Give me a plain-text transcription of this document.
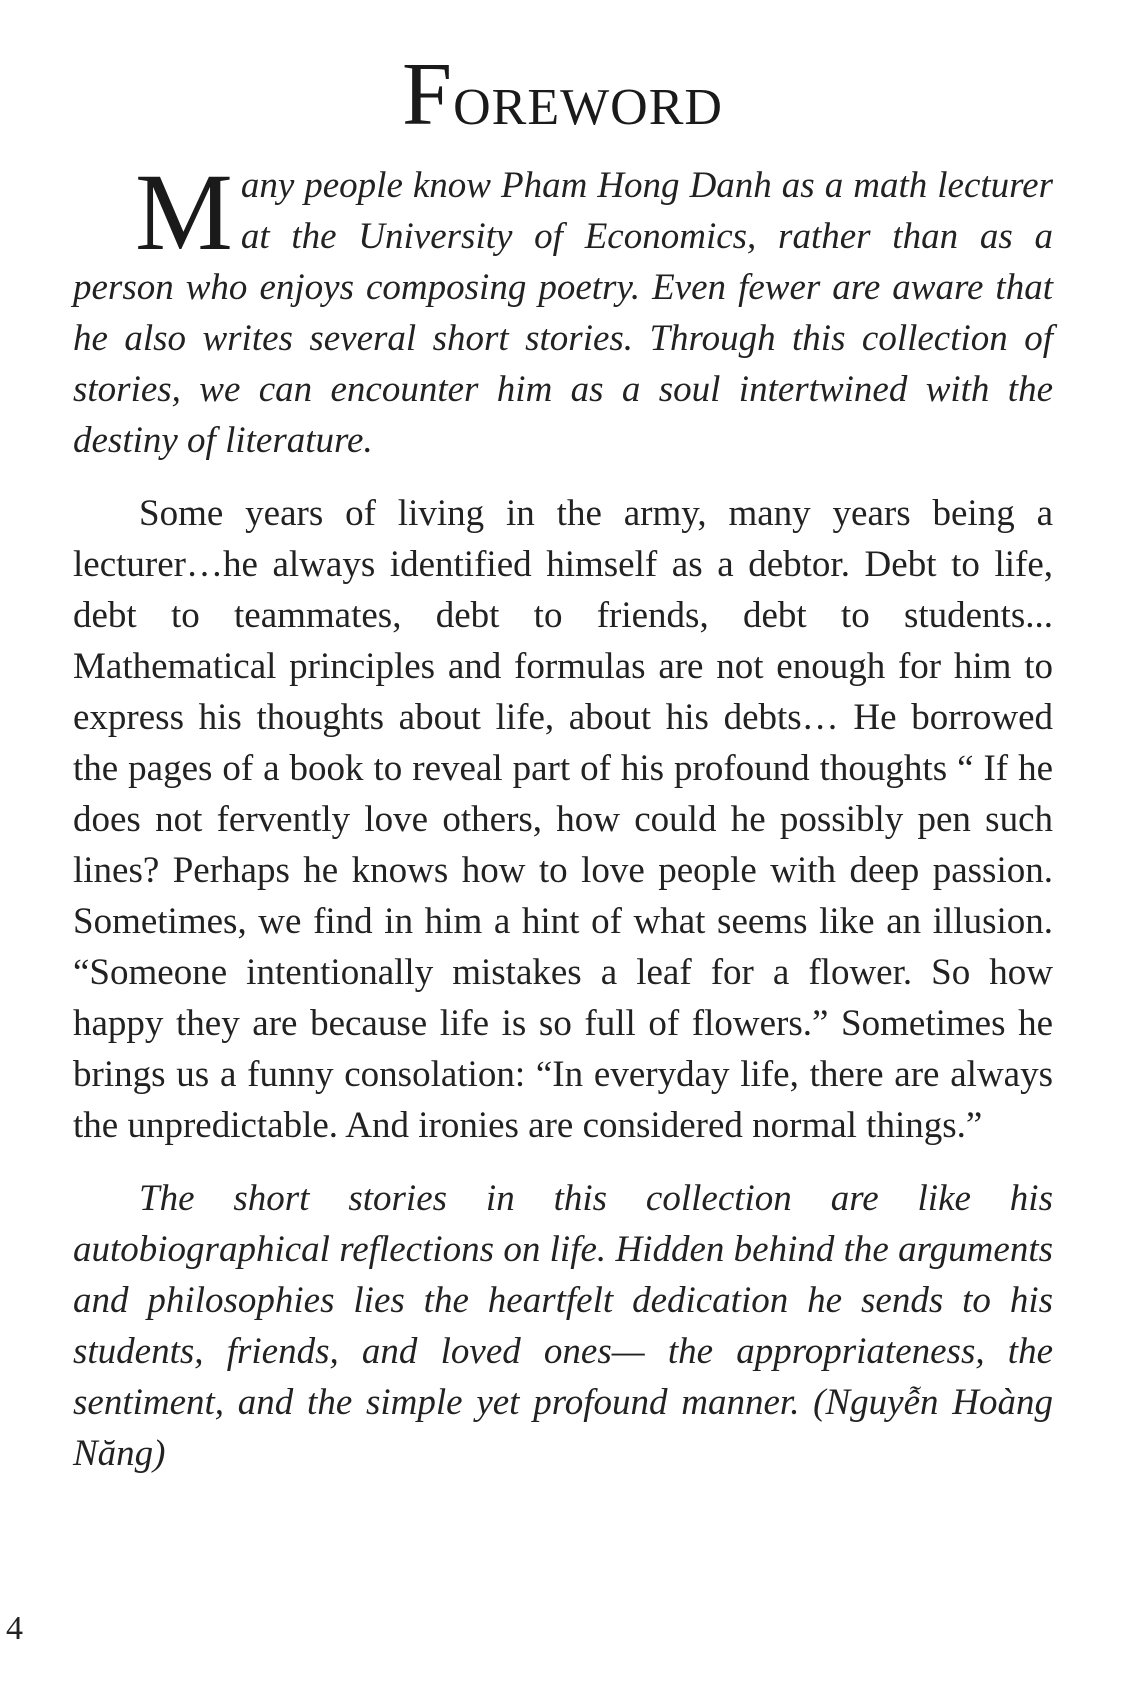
FOREWORD

Many people know Pham Hong Danh as a math lecturer at the University of Economics, rather than as a person who enjoys composing poetry. Even fewer are aware that he also writes several short stories. Through this collection of stories, we can encounter him as a soul intertwined with the destiny of literature.

Some years of living in the army, many years being a lecturer…he always identified himself as a debtor. Debt to life, debt to teammates, debt to friends, debt to students... Mathematical principles and formulas are not enough for him to express his thoughts about life, about his debts… He borrowed the pages of a book to reveal part of his profound thoughts “ If he does not fervently love others, how could he possibly pen such lines? Perhaps he knows how to love people with deep passion. Sometimes, we find in him a hint of what seems like an illusion. “Someone intentionally mistakes a leaf for a flower. So how happy they are because life is so full of flowers.” Sometimes he brings us a funny consolation: “In everyday life, there are always the unpredictable. And ironies are considered normal things.”

The short stories in this collection are like his autobiographical reflections on life. Hidden behind the arguments and philosophies lies the heartfelt dedication he sends to his students, friends, and loved ones— the appropriateness, the sentiment, and the simple yet profound manner. (Nguyễn Hoàng Năng)

4
